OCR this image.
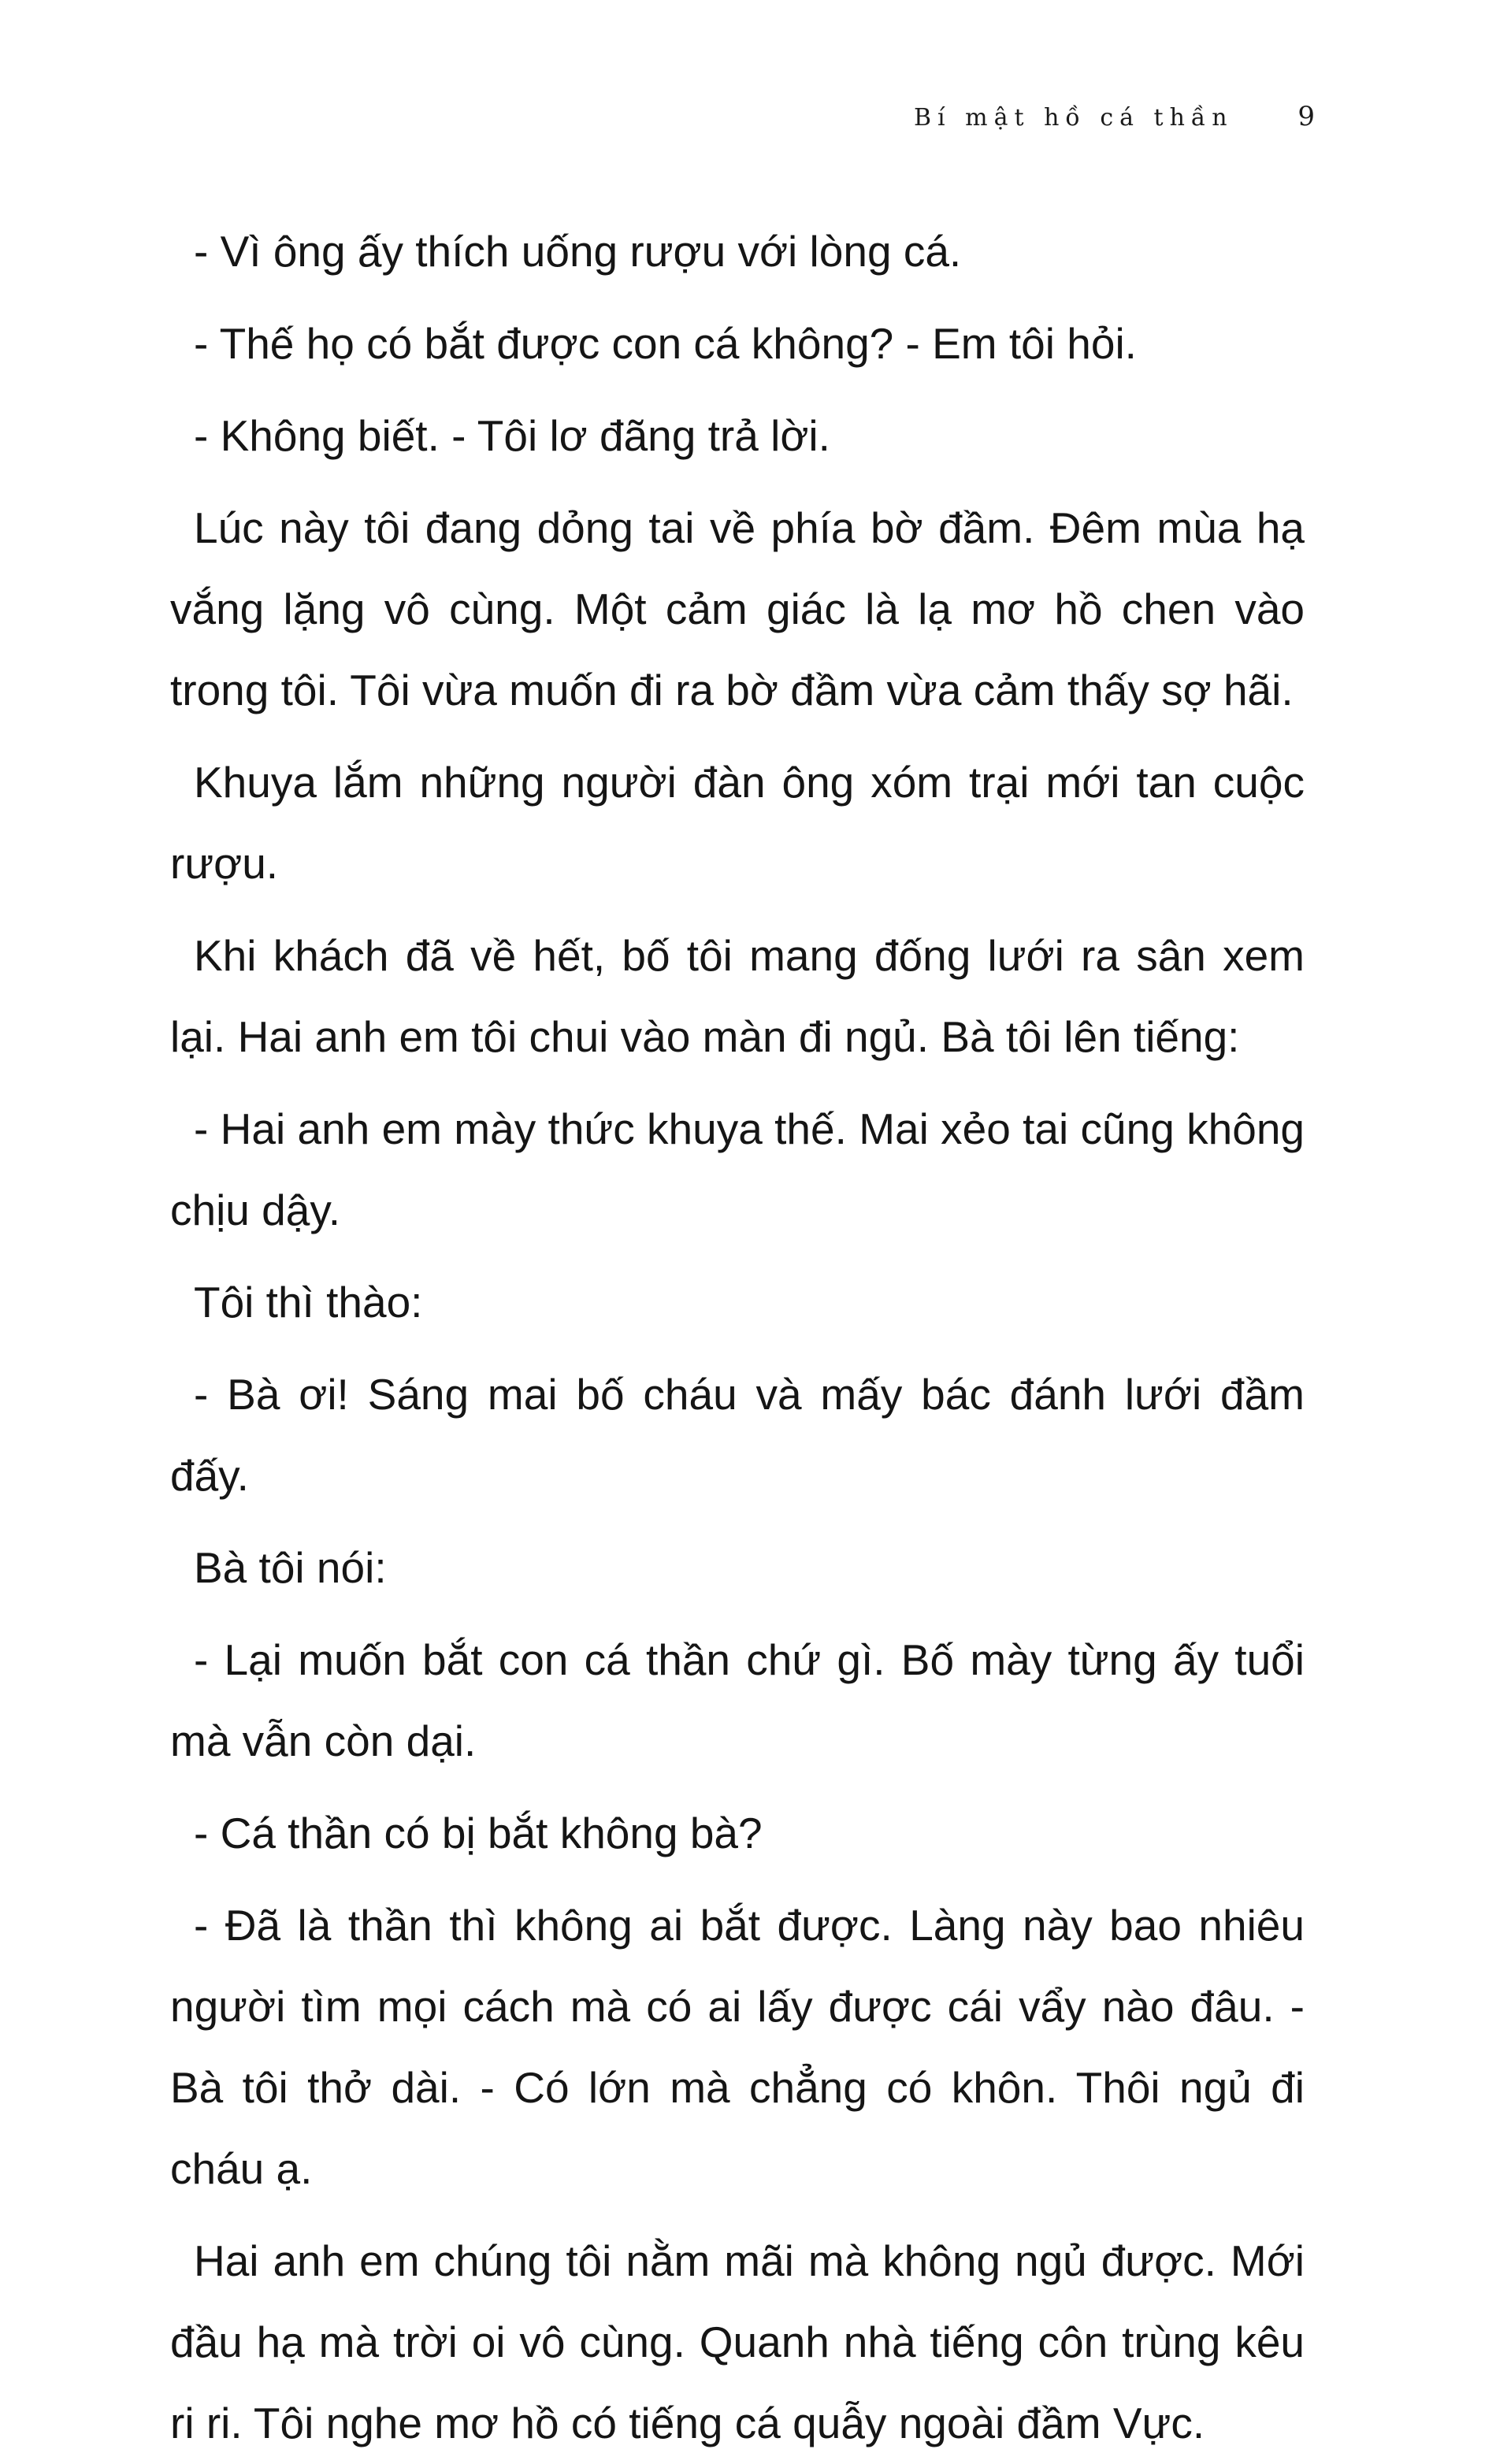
Bí mật hồ cá thần 9

- Vì ông ấy thích uống rượu với lòng cá.

- Thế họ có bắt được con cá không? - Em tôi hỏi.

- Không biết. - Tôi lơ đãng trả lời.

Lúc này tôi đang dỏng tai về phía bờ đầm. Đêm mùa hạ vắng lặng vô cùng. Một cảm giác là lạ mơ hồ chen vào trong tôi. Tôi vừa muốn đi ra bờ đầm vừa cảm thấy sợ hãi.

Khuya lắm những người đàn ông xóm trại mới tan cuộc rượu.

Khi khách đã về hết, bố tôi mang đống lưới ra sân xem lại. Hai anh em tôi chui vào màn đi ngủ. Bà tôi lên tiếng:

- Hai anh em mày thức khuya thế. Mai xẻo tai cũng không chịu dậy.

Tôi thì thào:

- Bà ơi! Sáng mai bố cháu và mấy bác đánh lưới đầm đấy.

Bà tôi nói:

- Lại muốn bắt con cá thần chứ gì. Bố mày từng ấy tuổi mà vẫn còn dại.

- Cá thần có bị bắt không bà?

- Đã là thần thì không ai bắt được. Làng này bao nhiêu người tìm mọi cách mà có ai lấy được cái vẩy nào đâu. - Bà tôi thở dài. - Có lớn mà chẳng có khôn. Thôi ngủ đi cháu ạ.

Hai anh em chúng tôi nằm mãi mà không ngủ được. Mới đầu hạ mà trời oi vô cùng. Quanh nhà tiếng côn trùng kêu ri ri. Tôi nghe mơ hồ có tiếng cá quẫy ngoài đầm Vực.
